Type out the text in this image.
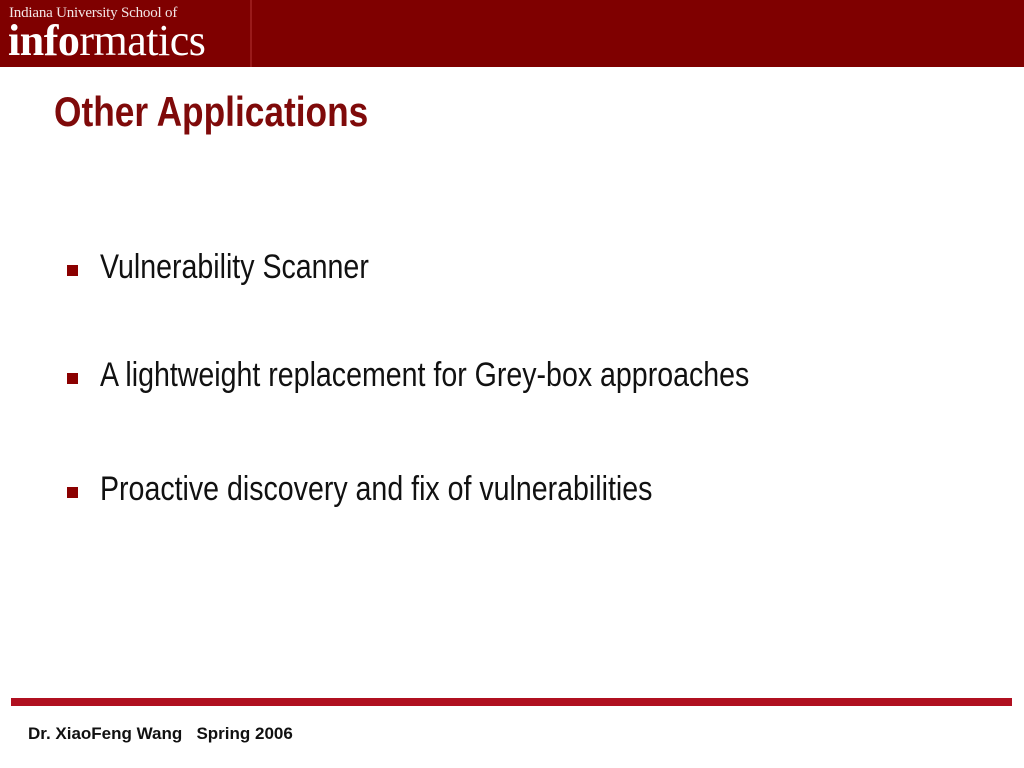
Indiana University School of
informatics
Other Applications
Vulnerability Scanner
A lightweight replacement for Grey-box approaches
Proactive discovery and fix of vulnerabilities
Dr. XiaoFeng Wang Spring 2006
